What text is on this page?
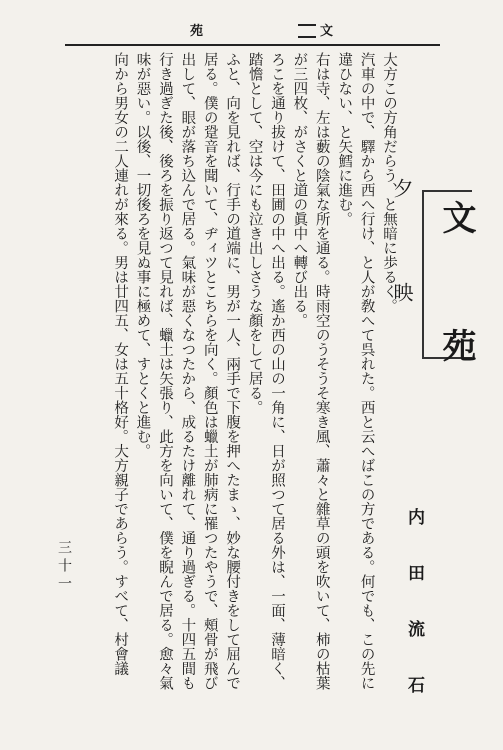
苑	文
文　苑
夕　映
内　田　流　石

大方この方角だらう、と無暗に歩るく。

汽車の中で、驛から西へ行け、と人が敎へて呉れた。西と云へばこの方である。何でも、この先に違ひない、と矢鱈に進む。

右は寺、左は藪の陰氣な所を通る。時雨空のうそうそ寒き風、蕭々と雜草の頭を吹いて、柿の枯葉が三四枚、がさくと道の眞中へ轉び出る。

ろこを通り拔けて、田圃の中へ出る。遙か西の山の一角に、日が照つて居る外は、一面、薄暗く、踏憺として、空は今にも泣き出しさうな顏をして居る。

ふと、向を見れば、行手の道端に、男が一人、兩手で下腹を押へたまゝ、妙な腰付きをして屈んで居る。僕の跫音を聞いて、ヂィツとこちらを向く。顏色は蠟土が肺病に罹つたやうで、頰骨が飛び出して、眼が落ち込んで居る。氣味が惡くなつたから、成るたけ離れて、通り過ぎる。十四五間も行き過ぎた後、後ろを振り返つて見れば、蠟土は矢張り、此方を向いて、僕を睨んで居る。愈々氣味が惡い。以後、一切後ろを見ぬ事に極めて、すとくと進む。

向から男女の二人連れが來る。男は廿四五、女は五十格好。大方親子であらう。すべて、村會議

三十一
